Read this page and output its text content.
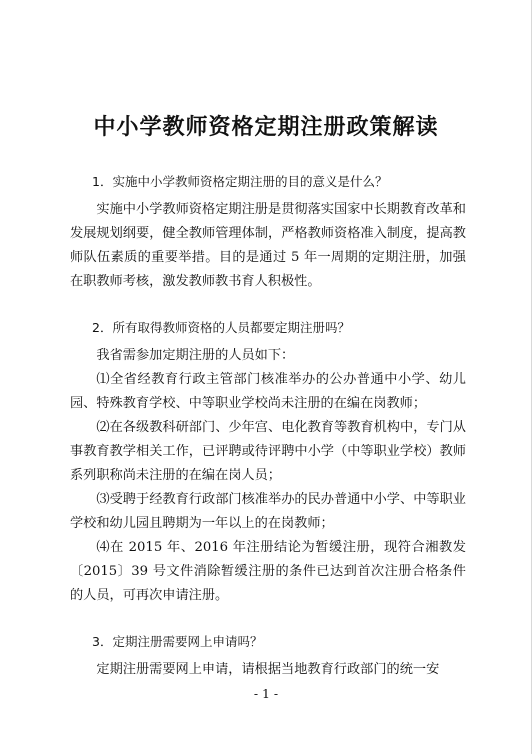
中小学教师资格定期注册政策解读
1．实施中小学教师资格定期注册的目的意义是什么？

实施中小学教师资格定期注册是贯彻落实国家中长期教育改革和发展规划纲要，健全教师管理体制，严格教师资格准入制度，提高教师队伍素质的重要举措。目的是通过 5 年一周期的定期注册，加强在职教师考核，激发教师教书育人积极性。

2．所有取得教师资格的人员都要定期注册吗？

我省需参加定期注册的人员如下：

⑴全省经教育行政主管部门核准举办的公办普通中小学、幼儿园、特殊教育学校、中等职业学校尚未注册的在编在岗教师；

⑵在各级教科研部门、少年宫、电化教育等教育机构中，专门从事教育教学相关工作，已评聘或待评聘中小学（中等职业学校）教师系列职称尚未注册的在编在岗人员；

⑶受聘于经教育行政部门核准举办的民办普通中小学、中等职业学校和幼儿园且聘期为一年以上的在岗教师；

⑷在 2015 年、2016 年注册结论为暂缓注册，现符合湘教发〔2015〕39 号文件消除暂缓注册的条件已达到首次注册合格条件的人员，可再次申请注册。

3．定期注册需要网上申请吗？

定期注册需要网上申请，请根据当地教育行政部门的统一安

- 1 -
